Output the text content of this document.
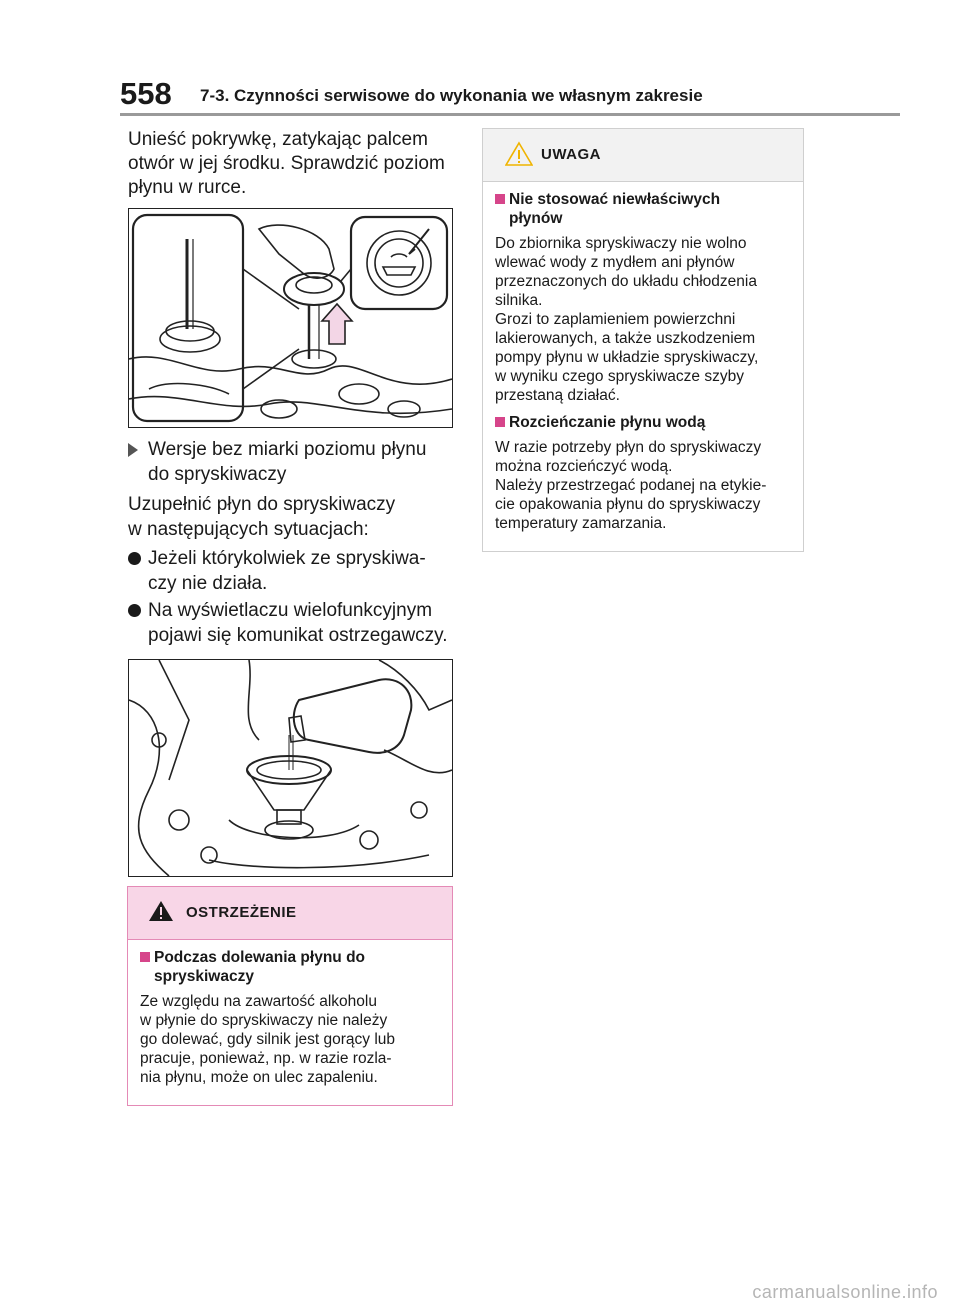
558 7-3. Czynności serwisowe do wykonania we własnym zakresie

Unieść pokrywkę, zatykając palcem

otwór w jej środku. Sprawdzić poziom

płynu w rurce.

Wersje bez miarki poziomu płynu
do spryskiwaczy

Uzupełnić płyn do spryskiwaczy

w następujących sytuacjach:

Jeżeli którykolwiek ze spryskiwa-
czy nie działa.
Na wyświetlaczu wielofunkcyjnym
pojawi się komunikat ostrzegawczy.
OSTRZEŻENIE

Podczas dolewania płynu do
spryskiwaczy

Ze względu na zawartość alkoholu
w płynie do spryskiwaczy nie należy
go dolewać, gdy silnik jest gorący lub
pracuje, ponieważ, np. w razie rozla-
nia płynu, może on ulec zapaleniu.
UWAGA

Nie stosować niewłaściwych
płynów

Do zbiornika spryskiwaczy nie wolno
wlewać wody z mydłem ani płynów
przeznaczonych do układu chłodzenia
silnika.
Grozi to zaplamieniem powierzchni
lakierowanych, a także uszkodzeniem
pompy płynu w układzie spryskiwaczy,
w wyniku czego spryskiwacze szyby
przestaną działać.

Rozcieńczanie płynu wodą

W razie potrzeby płyn do spryskiwaczy
można rozcieńczyć wodą.
Należy przestrzegać podanej na etykie-
cie opakowania płynu do spryskiwaczy
temperatury zamarzania.
carmanualsonline.info
